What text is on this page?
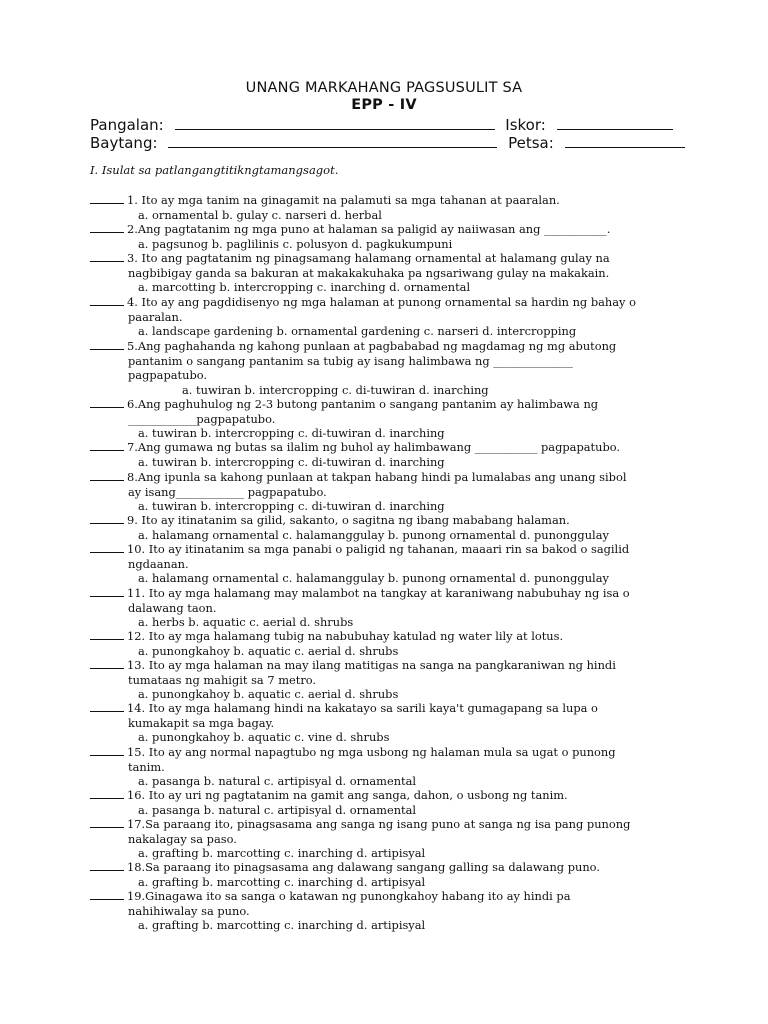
UNANG MARKAHANG PAGSUSULIT SA
EPP - IV
Pangalan:	Iskor:
Baytang:	Petsa:
I. Isulat sa patlangangtitikngtamangsagot.
1. Ito ay mga tanim na ginagamit na palamuti sa mga tahanan at paaralan.
a. ornamental b. gulay c. narseri d. herbal
2.Ang pagtatanim ng mga puno at halaman sa paligid ay naiiwasan ang ___________.
a. pagsunog b. paglilinis c. polusyon d. pagkukumpuni
3. Ito ang pagtatanim ng pinagsamang halamang ornamental at halamang gulay na
nagbibigay ganda sa bakuran at makakakuhaka pa ngsariwang gulay na makakain.
a. marcotting b. intercropping c. inarching d. ornamental
4. Ito ay ang pagdidisenyo ng mga halaman at punong ornamental sa hardin ng bahay o
paaralan.
a. landscape gardening b. ornamental gardening c. narseri d. intercropping
5.Ang paghahanda ng kahong punlaan at pagbababad ng magdamag ng mg abutong
pantanim o sangang pantanim sa tubig ay isang halimbawa ng ______________
pagpapatubo.
a. tuwiran b. intercropping c. di-tuwiran d. inarching
6.Ang paghuhulog ng 2-3 butong pantanim o sangang pantanim ay halimbawa ng
____________pagpapatubo.
a. tuwiran b. intercropping c. di-tuwiran d. inarching
7.Ang gumawa ng butas sa ilalim ng buhol ay halimbawang ___________ pagpapatubo.
a. tuwiran b. intercropping c. di-tuwiran d. inarching
8.Ang ipunla sa kahong punlaan at takpan habang hindi pa lumalabas ang unang sibol
ay isang____________ pagpapatubo.
a. tuwiran b. intercropping c. di-tuwiran d. inarching
9. Ito ay itinatanim sa gilid, sakanto, o sagitna ng ibang mababang halaman.
a. halamang ornamental c. halamanggulay b. punong ornamental d. punonggulay
10. Ito ay itinatanim sa mga panabi o paligid ng tahanan, maaari rin sa bakod o sagilid
ngdaanan.
a. halamang ornamental c. halamanggulay b. punong ornamental d. punonggulay
11. Ito ay mga halamang may malambot na tangkay at karaniwang nabubuhay ng isa o
dalawang taon.
a. herbs b. aquatic c. aerial d. shrubs
12. Ito ay mga halamang tubig na nabubuhay katulad ng water lily at lotus.
a. punongkahoy b. aquatic c. aerial d. shrubs
13. Ito ay mga halaman na may ilang matitigas na sanga na pangkaraniwan ng hindi
tumataas ng mahigit sa 7 metro.
a. punongkahoy b. aquatic c. aerial d. shrubs
14. Ito ay mga halamang hindi na kakatayo sa sarili kaya't gumagapang sa lupa o
kumakapit sa mga bagay.
a. punongkahoy b. aquatic c. vine d. shrubs
15. Ito ay ang normal napagtubo ng mga usbong ng halaman mula sa ugat o punong
tanim.
a. pasanga b. natural c. artipisyal d. ornamental
16. Ito ay uri ng pagtatanim na gamit ang sanga, dahon, o usbong ng tanim.
a. pasanga b. natural c. artipisyal d. ornamental
17.Sa paraang ito, pinagsasama ang sanga ng isang puno at sanga ng isa pang punong
nakalagay sa paso.
a. grafting b. marcotting c. inarching d. artipisyal
18.Sa paraang ito pinagsasama ang dalawang sangang galling sa dalawang puno.
a. grafting b. marcotting c. inarching d. artipisyal
19.Ginagawa ito sa sanga o katawan ng punongkahoy habang ito ay hindi pa
nahihiwalay sa puno.
a. grafting b. marcotting c. inarching d. artipisyal
